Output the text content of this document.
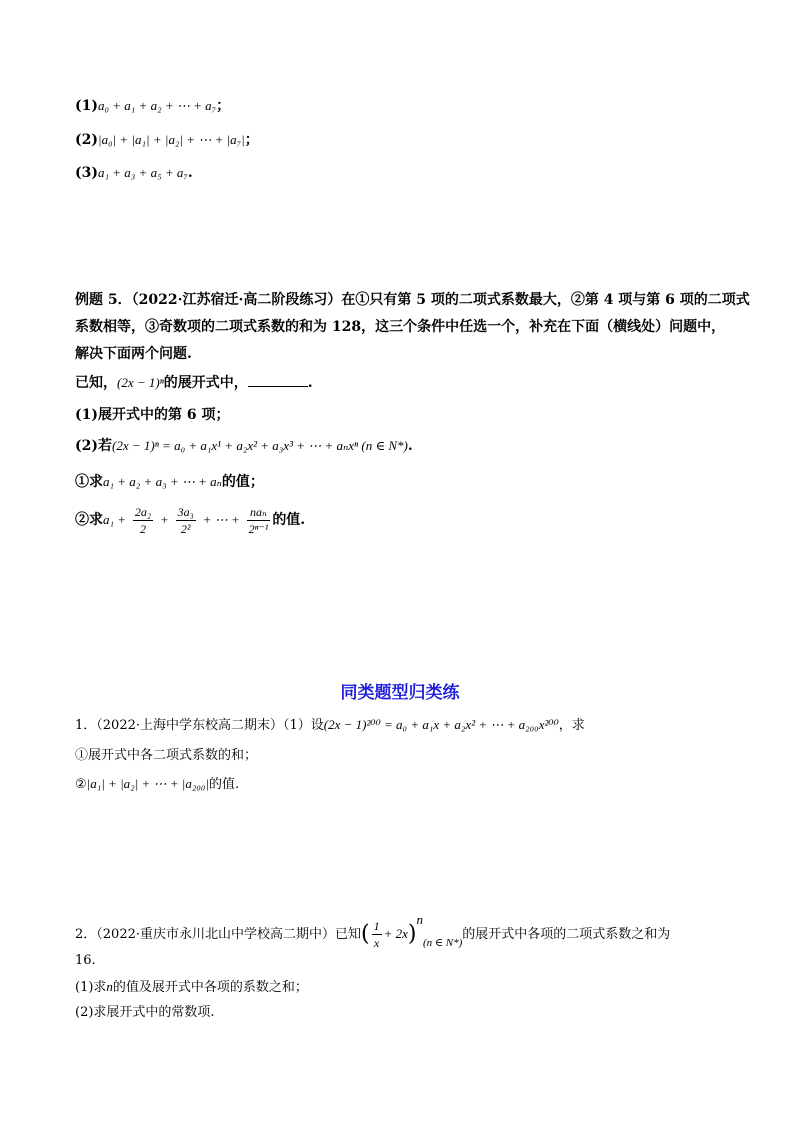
(1)a₀ + a₁ + a₂ + ⋯ + a₇；
(2)|a₀| + |a₁| + |a₂| + ⋯ + |a₇|；
(3)a₁ + a₃ + a₅ + a₇.
例题 5．（2022·江苏宿迁·高二阶段练习）在①只有第 5 项的二项式系数最大，②第 4 项与第 6 项的二项式
系数相等，③奇数项的二项式系数的和为 128，这三个条件中任选一个，补充在下面（横线处）问题中，
解决下面两个问题.
已知，(2x − 1)ⁿ的展开式中，	.
(1)展开式中的第 6 项；
(2)若(2x − 1)ⁿ = a₀ + a₁x¹ + a₂x² + a₃x³ + ⋯ + aₙxⁿ (n ∈ N*).
①求a₁ + a₂ + a₃ + ⋯ + aₙ的值；
②求$a_1 + \frac{\text{2a₂}}{2} + \frac{\text{3a₃}}{\text{2²}}$ + ⋯ + $\frac{\text{naₙ}}{\text{2ⁿ⁻¹}}$ 的值.
同类题型归类练
1．（2022·上海中学东校高二期末）（1）设(2x − 1)²⁰⁰ = a₀ + a₁x + a₂x² + ⋯ + a₂₀₀x²⁰⁰，求
①展开式中各二项式系数的和；
②|a₁| + |a₂| + ⋯ + |a₂₀₀|的值.
2．（2022·重庆市永川北山中学校高二期中）已知( $\frac{1}{x} + 2x)^n_{(n \in N*)}$的展开式中各项的二项式系数之和为
16.
(1)求n的值及展开式中各项的系数之和；
(2)求展开式中的常数项.
